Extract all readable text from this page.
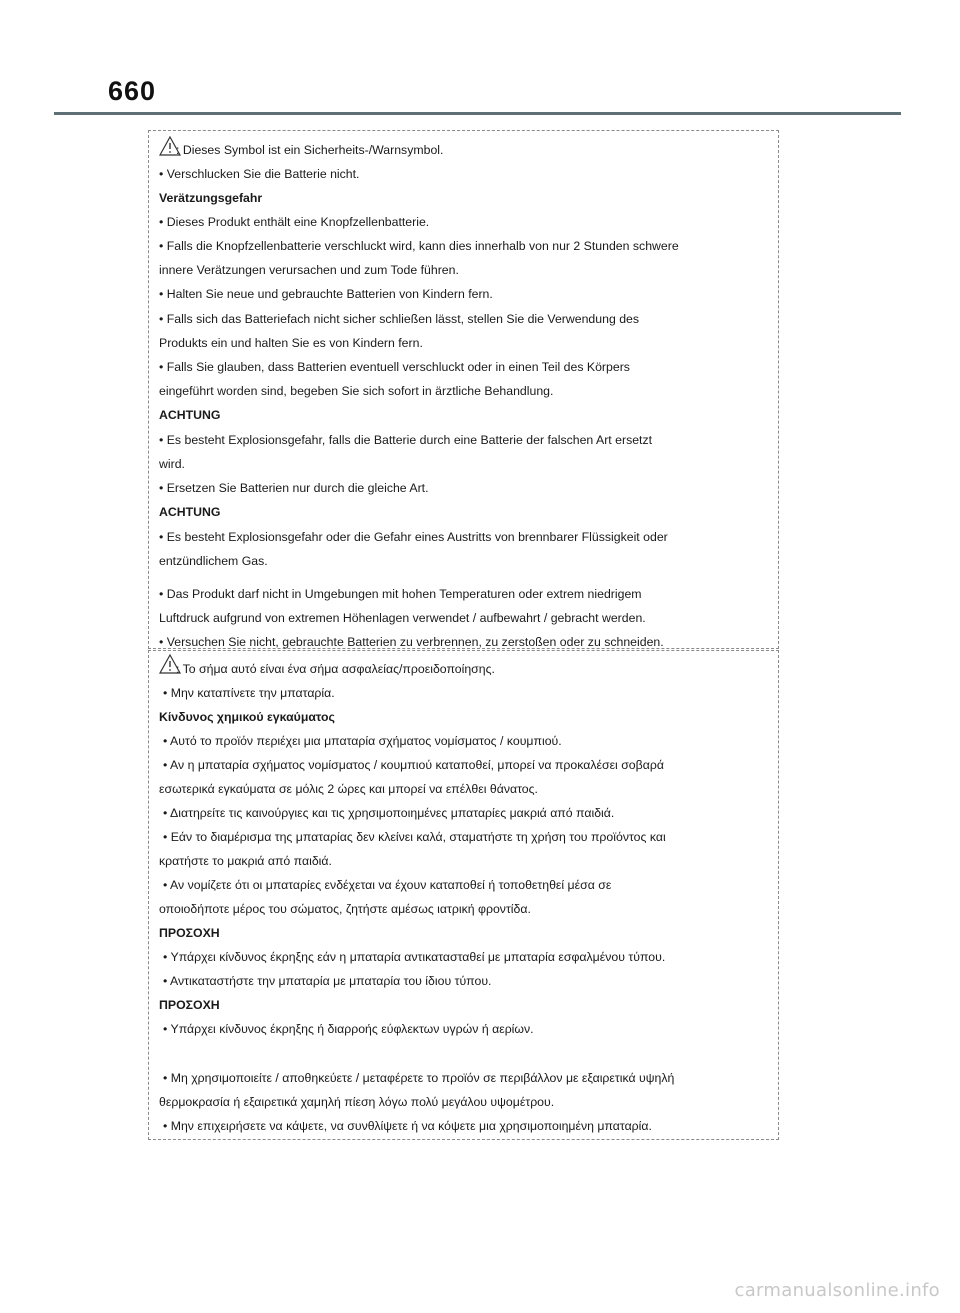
660
: Dieses Symbol ist ein Sicherheits-/Warnsymbol.
• Verschlucken Sie die Batterie nicht.
Verätzungsgefahr
• Dieses Produkt enthält eine Knopfzellenbatterie.
• Falls die Knopfzellenbatterie verschluckt wird, kann dies innerhalb von nur 2 Stunden schwere
innere Verätzungen verursachen und zum Tode führen.
• Halten Sie neue und gebrauchte Batterien von Kindern fern.
• Falls sich das Batteriefach nicht sicher schließen lässt, stellen Sie die Verwendung des
Produkts ein und halten Sie es von Kindern fern.
• Falls Sie glauben, dass Batterien eventuell verschluckt oder in einen Teil des Körpers
eingeführt worden sind, begeben Sie sich sofort in ärztliche Behandlung.
ACHTUNG
• Es besteht Explosionsgefahr, falls die Batterie durch eine Batterie der falschen Art ersetzt
wird.
• Ersetzen Sie Batterien nur durch die gleiche Art.
ACHTUNG
• Es besteht Explosionsgefahr oder die Gefahr eines Austritts von brennbarer Flüssigkeit oder
entzündlichem Gas.
• Das Produkt darf nicht in Umgebungen mit hohen Temperaturen oder extrem niedrigem
Luftdruck aufgrund von extremen Höhenlagen verwendet / aufbewahrt / gebracht werden.
• Versuchen Sie nicht, gebrauchte Batterien zu verbrennen, zu zerstoßen oder zu schneiden.
: Το σήμα αυτό είναι ένα σήμα ασφαλείας/προειδοποίησης.
• Μην καταπίνετε την μπαταρία.
Κίνδυνος χημικού εγκαύματος
• Αυτό το προϊόν περιέχει μια μπαταρία σχήματος νομίσματος / κουμπιού.
• Αν η μπαταρία σχήματος νομίσματος / κουμπιού καταποθεί, μπορεί να προκαλέσει σοβαρά
εσωτερικά εγκαύματα σε μόλις 2 ώρες και μπορεί να επέλθει θάνατος.
• Διατηρείτε τις καινούργιες και τις χρησιμοποιημένες μπαταρίες μακριά από παιδιά.
• Εάν το διαμέρισμα της μπαταρίας δεν κλείνει καλά, σταματήστε τη χρήση του προϊόντος και
κρατήστε το μακριά από παιδιά.
• Αν νομίζετε ότι οι μπαταρίες ενδέχεται να έχουν καταποθεί ή τοποθετηθεί μέσα σε
οποιοδήποτε μέρος του σώματος, ζητήστε αμέσως ιατρική φροντίδα.
ΠΡΟΣΟΧΗ
• Υπάρχει κίνδυνος έκρηξης εάν η μπαταρία αντικατασταθεί με μπαταρία εσφαλμένου τύπου.
• Αντικαταστήστε την μπαταρία με μπαταρία του ίδιου τύπου.
ΠΡΟΣΟΧΗ
• Υπάρχει κίνδυνος έκρηξης ή διαρροής εύφλεκτων υγρών ή αερίων.
• Μη χρησιμοποιείτε / αποθηκεύετε / μεταφέρετε το προϊόν σε περιβάλλον με εξαιρετικά υψηλή
θερμοκρασία ή εξαιρετικά χαμηλή πίεση λόγω πολύ μεγάλου υψομέτρου.
• Μην επιχειρήσετε να κάψετε, να συνθλίψετε ή να κόψετε μια χρησιμοποιημένη μπαταρία.
carmanualsonline.info
